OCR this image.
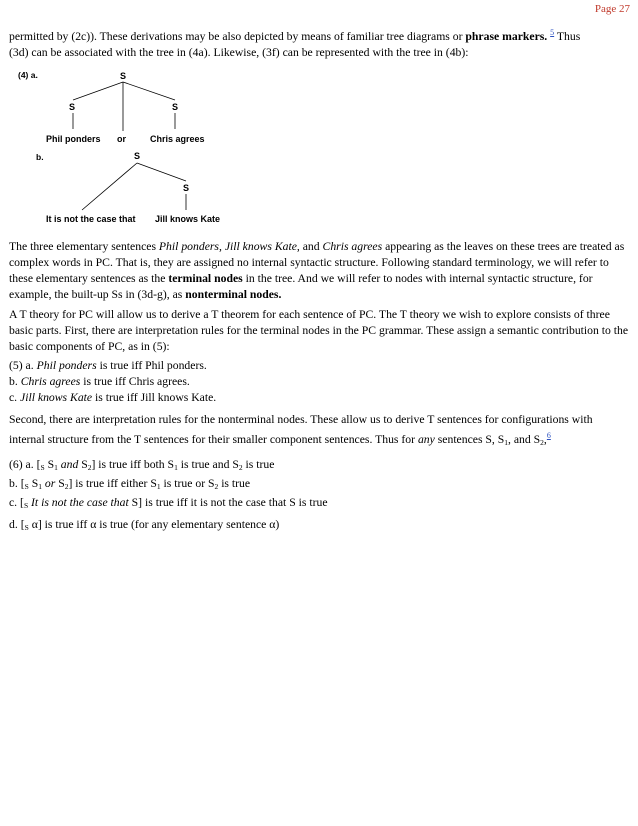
Page 27

permitted by (2c)). These derivations may be also depicted by means of familiar tree diagrams or phrase markers. $^5$ Thus

(3d) can be associated with the tree in (4a). Likewise, (3f) can be represented with the tree in (4b):

(4) a.	S
S	S
Phil ponders or	Chris agrees
b.	S
S
It is not the case that Jill knows Kate

The three elementary sentences Phil ponders, Jill knows Kate, and Chris agrees appearing as the leaves on these trees are treated as complex words in PC. That is, they are assigned no internal syntactic structure. Following standard terminology, we will refer to these elementary sentences as the terminal nodes in the tree. And we will refer to nodes with internal syntactic structure, for example, the built-up Ss in (3d-g), as nonterminal nodes.

A T theory for PC will allow us to derive a T theorem for each sentence of PC. The T theory we wish to explore consists of three basic parts. First, there are interpretation rules for the terminal nodes in the PC grammar. These assign a semantic contribution to the basic components of PC, as in (5):

(5) a. Phil ponders is true iff Phil ponders.

b. Chris agrees is true iff Chris agrees.

c. Jill knows Kate is true iff Jill knows Kate.

Second, there are interpretation rules for the nonterminal nodes. These allow us to derive T sentences for configurations with internal structure from the T sentences for their smaller component sentences. Thus for any sentences S, $S_1$, and $S_2,^6$

(6) a. [$_S$ $S_1$ and $S_2$] is true iff both $S_1$ is true and $S_2$ is true

b. [$_S$ $S_1$ or $S_2$] is true iff either $S_1$ is true or $S_2$ is true

c. [$_S$ It is not the case that S] is true iff it is not the case that S is true

d. [$_S$ α] is true iff α is true (for any elementary sentence α)
